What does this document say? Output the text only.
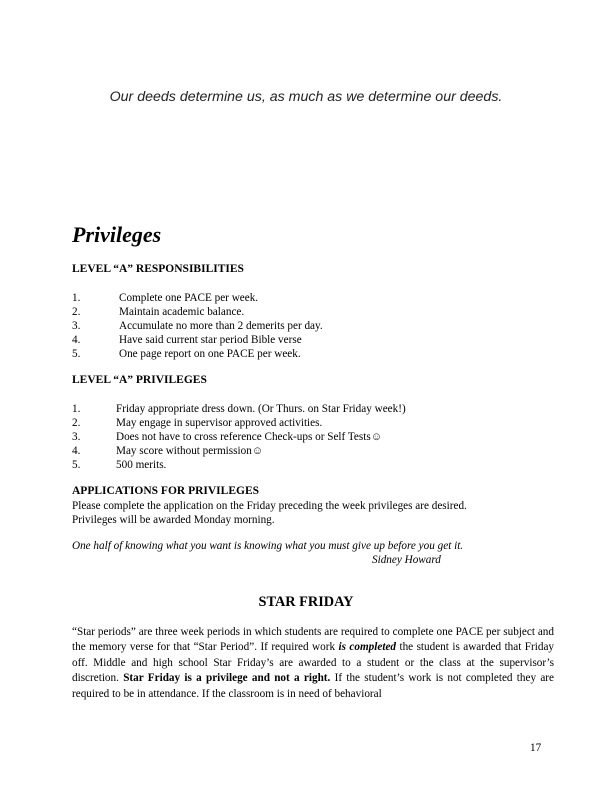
Our deeds determine us, as much as we determine our deeds.
Privileges
LEVEL “A” RESPONSIBILITIES
1.	Complete one PACE per week.
2.	Maintain academic balance.
3.	Accumulate no more than 2 demerits per day.
4.	Have said current star period Bible verse
5.	One page report on one PACE per week.
LEVEL “A” PRIVILEGES
1.	Friday appropriate dress down. (Or Thurs. on Star Friday week!)
2.	May engage in supervisor approved activities.
3.	Does not have to cross reference Check-ups or Self Tests☺
4.	May score without permission☺
5.	500 merits.
APPLICATIONS FOR PRIVILEGES
Please complete the application on the Friday preceding the week privileges are desired.
Privileges will be awarded Monday morning.
One half of knowing what you want is knowing what you must give up before you get it.
Sidney Howard
STAR FRIDAY
“Star periods” are three week periods in which students are required to complete one PACE per subject and the memory verse for that “Star Period”. If required work is completed the student is awarded that Friday off. Middle and high school Star Friday’s are awarded to a student or the class at the supervisor’s discretion. Star Friday is a privilege and not a right. If the student’s work is not completed they are required to be in attendance. If the classroom is in need of behavioral
17
